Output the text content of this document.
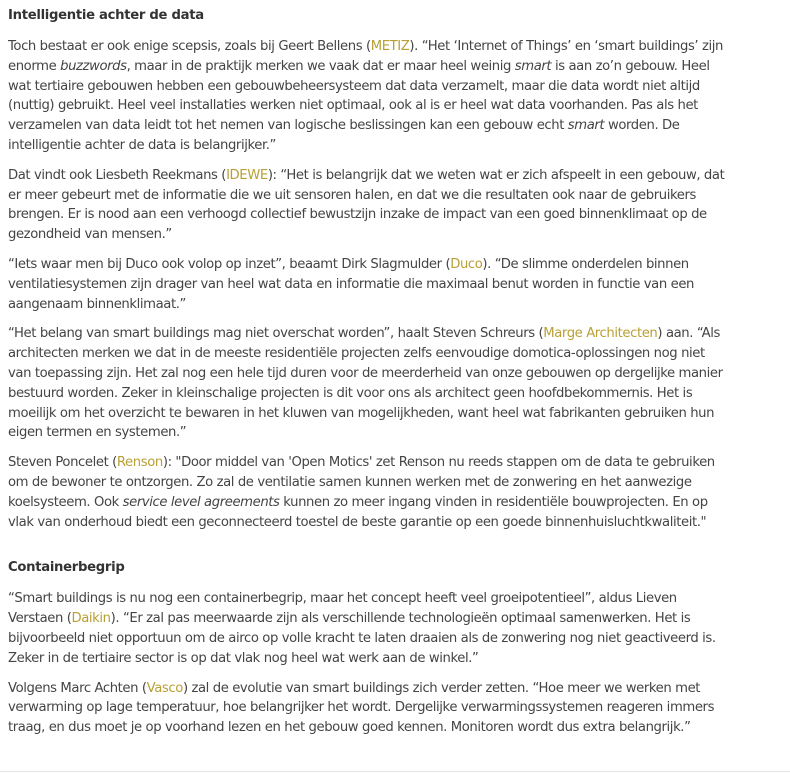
Intelligentie achter de data
Toch bestaat er ook enige scepsis, zoals bij Geert Bellens (METIZ). “Het ‘Internet of Things’ en ‘smart buildings’ zijn
enorme buzzwords, maar in de praktijk merken we vaak dat er maar heel weinig smart is aan zo’n gebouw. Heel
wat tertiaire gebouwen hebben een gebouwbeheersysteem dat data verzamelt, maar die data wordt niet altijd
(nuttig) gebruikt. Heel veel installaties werken niet optimaal, ook al is er heel wat data voorhanden. Pas als het
verzamelen van data leidt tot het nemen van logische beslissingen kan een gebouw echt smart worden. De
intelligentie achter de data is belangrijker.”
Dat vindt ook Liesbeth Reekmans (IDEWE): “Het is belangrijk dat we weten wat er zich afspeelt in een gebouw, dat
er meer gebeurt met de informatie die we uit sensoren halen, en dat we die resultaten ook naar de gebruikers
brengen. Er is nood aan een verhoogd collectief bewustzijn inzake de impact van een goed binnenklimaat op de
gezondheid van mensen.”
“Iets waar men bij Duco ook volop op inzet”, beaamt Dirk Slagmulder (Duco). “De slimme onderdelen binnen
ventilatiesystemen zijn drager van heel wat data en informatie die maximaal benut worden in functie van een
aangenaam binnenklimaat.”
“Het belang van smart buildings mag niet overschat worden”, haalt Steven Schreurs (Marge Architecten) aan. “Als
architecten merken we dat in de meeste residentiële projecten zelfs eenvoudige domotica-oplossingen nog niet
van toepassing zijn. Het zal nog een hele tijd duren voor de meerderheid van onze gebouwen op dergelijke manier
bestuurd worden. Zeker in kleinschalige projecten is dit voor ons als architect geen hoofdbekommernis. Het is
moeilijk om het overzicht te bewaren in het kluwen van mogelijkheden, want heel wat fabrikanten gebruiken hun
eigen termen en systemen.”
Steven Poncelet (Renson): "Door middel van 'Open Motics' zet Renson nu reeds stappen om de data te gebruiken
om de bewoner te ontzorgen. Zo zal de ventilatie samen kunnen werken met de zonwering en het aanwezige
koelsysteem. Ook service level agreements kunnen zo meer ingang vinden in residentiële bouwprojecten. En op
vlak van onderhoud biedt een geconnecteerd toestel de beste garantie op een goede binnenhuisluchtkwaliteit."
Containerbegrip
“Smart buildings is nu nog een containerbegrip, maar het concept heeft veel groeipotentieel”, aldus Lieven
Verstaen (Daikin). “Er zal pas meerwaarde zijn als verschillende technologieën optimaal samenwerken. Het is
bijvoorbeeld niet opportuun om de airco op volle kracht te laten draaien als de zonwering nog niet geactiveerd is.
Zeker in de tertiaire sector is op dat vlak nog heel wat werk aan de winkel.”
Volgens Marc Achten (Vasco) zal de evolutie van smart buildings zich verder zetten. “Hoe meer we werken met
verwarming op lage temperatuur, hoe belangrijker het wordt. Dergelijke verwarmingssystemen reageren immers
traag, en dus moet je op voorhand lezen en het gebouw goed kennen. Monitoren wordt dus extra belangrijk.”
